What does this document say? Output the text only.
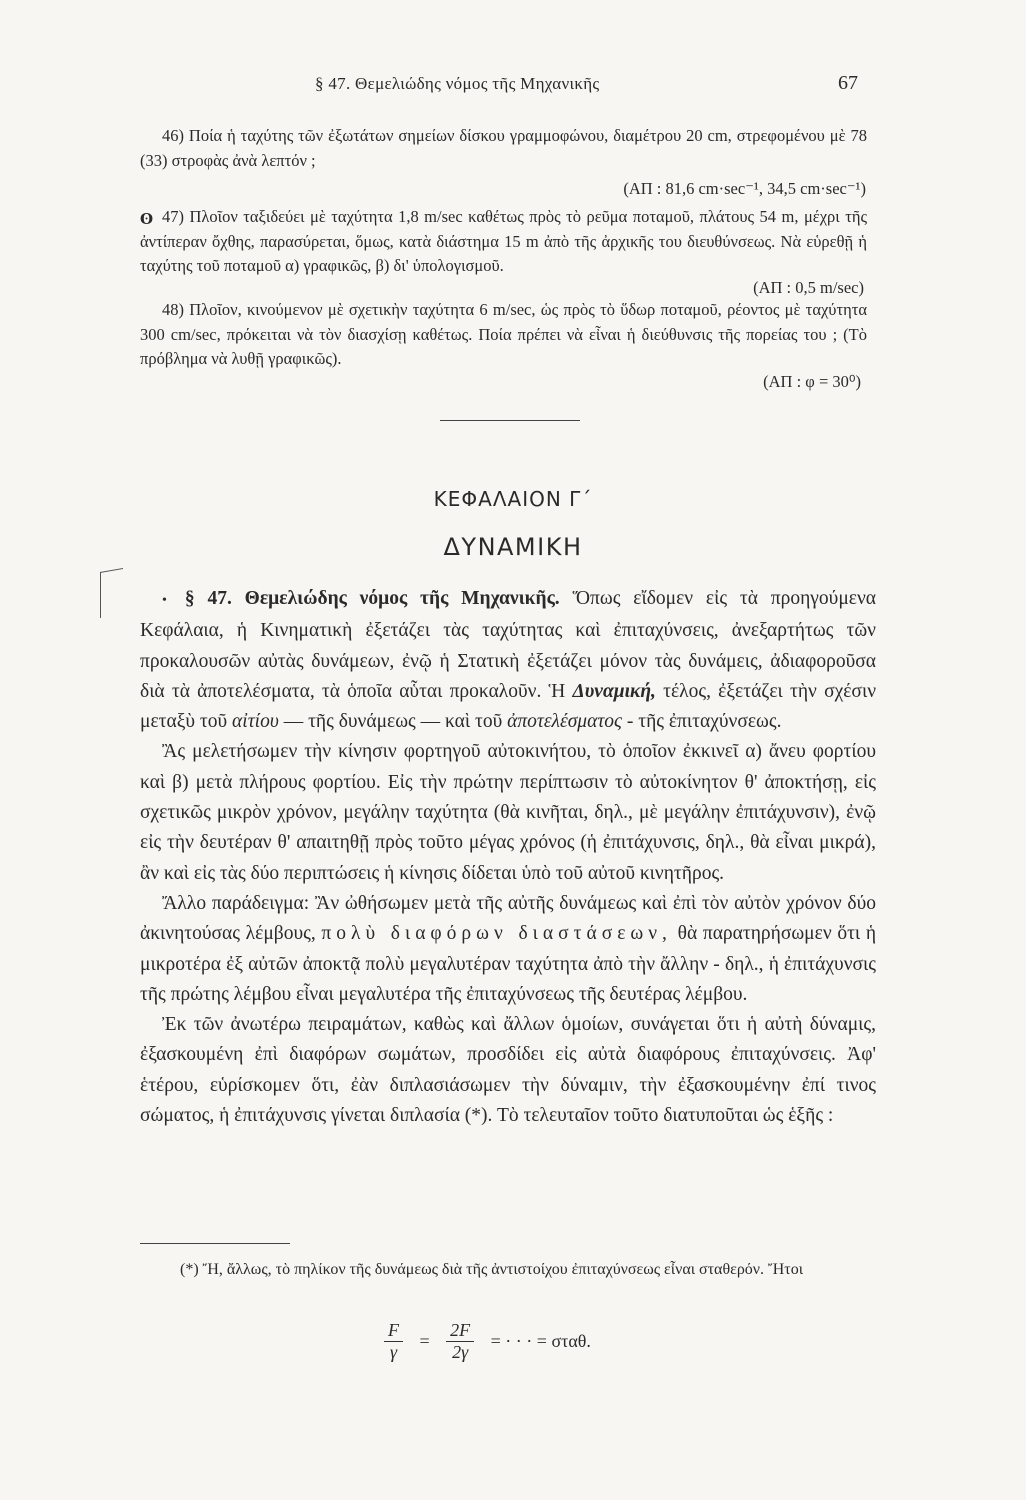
§ 47. Θεμελιώδης νόμος τῆς Μηχανικῆς	67
46) Ποία ἡ ταχύτης τῶν ἐξωτάτων σημείων δίσκου γραμμοφώνου, διαμέτρου 20 cm, στρεφομένου μὲ 78 (33) στροφὰς ἀνὰ λεπτόν ;
(ΑΠ : 81,6 cm·sec⁻¹, 34,5 cm·sec⁻¹)
ʘ 47) Πλοῖον ταξιδεύει μὲ ταχύτητα 1,8 m/sec καθέτως πρὸς τὸ ρεῦμα ποταμοῦ, πλάτους 54 m, μέχρι τῆς ἀντίπεραν ὄχθης, παρασύρεται, ὅμως, κατὰ διάστημα 15 m ἀπὸ τῆς ἀρχικῆς του διευθύνσεως. Νὰ εὑρεθῇ ἡ ταχύτης τοῦ ποταμοῦ α) γραφικῶς, β) δι' ὑπολογισμοῦ.
(ΑΠ : 0,5 m/sec)
48) Πλοῖον, κινούμενον μὲ σχετικὴν ταχύτητα 6 m/sec, ὡς πρὸς τὸ ὕδωρ ποταμοῦ, ρέοντος μὲ ταχύτητα 300 cm/sec, πρόκειται νὰ τὸν διασχίσῃ καθέτως. Ποία πρέπει νὰ εἶναι ἡ διεύθυνσις τῆς πορείας του ; (Τὸ πρόβλημα νὰ λυθῇ γραφικῶς).
(ΑΠ : φ = 30⁰)
ΚΕΦΑΛΑΙΟΝ Γ΄
ΔΥΝΑΜΙΚΗ

• § 47. Θεμελιώδης νόμος τῆς Μηχανικῆς. Ὅπως εἴδομεν εἰς τὰ προηγούμενα Κεφάλαια, ἡ Κινηματικὴ ἐξετάζει τὰς ταχύτητας καὶ ἐπιταχύνσεις, ἀνεξαρτήτως τῶν προκαλουσῶν αὐτὰς δυνάμεων, ἐνῷ ἡ Στατικὴ ἐξετάζει μόνον τὰς δυνάμεις, ἀδιαφοροῦσα διὰ τὰ ἀποτελέσματα, τὰ ὁποῖα αὗται προκαλοῦν. Ἡ Δυναμική, τέλος, ἐξετάζει τὴν σχέσιν μεταξὺ τοῦ αἰτίου — τῆς δυνάμεως — καὶ τοῦ ἀποτελέσματος - τῆς ἐπιταχύνσεως.

Ἂς μελετήσωμεν τὴν κίνησιν φορτηγοῦ αὐτοκινήτου, τὸ ὁποῖον ἐκκινεῖ α) ἄνευ φορτίου καὶ β) μετὰ πλήρους φορτίου. Εἰς τὴν πρώτην περίπτωσιν τὸ αὐτοκίνητον θ' ἀποκτήσῃ, εἰς σχετικῶς μικρὸν χρόνον, μεγάλην ταχύτητα (θὰ κινῆται, δηλ., μὲ μεγάλην ἐπιτάχυνσιν), ἐνῷ εἰς τὴν δευτέραν θ' απαιτηθῇ πρὸς τοῦτο μέγας χρόνος (ἡ ἐπιτάχυνσις, δηλ., θὰ εἶναι μικρά), ἂν καὶ εἰς τὰς δύο περιπτώσεις ἡ κίνησις δίδεται ὑπὸ τοῦ αὐτοῦ κινητῆρος.

Ἄλλο παράδειγμα: Ἂν ὠθήσωμεν μετὰ τῆς αὐτῆς δυνάμεως καὶ ἐπὶ τὸν αὐτὸν χρόνον δύο ἀκινητούσας λέμβους, πολὺ διαφόρων διαστάσεων, θὰ παρατηρήσωμεν ὅτι ἡ μικροτέρα ἐξ αὐτῶν ἀποκτᾷ πολὺ μεγαλυτέραν ταχύτητα ἀπὸ τὴν ἄλλην - δηλ., ἡ ἐπιτάχυνσις τῆς πρώτης λέμβου εἶναι μεγαλυτέρα τῆς ἐπιταχύνσεως τῆς δευτέρας λέμβου.

Ἐκ τῶν ἀνωτέρω πειραμάτων, καθὼς καὶ ἄλλων ὁμοίων, συνάγεται ὅτι ἡ αὐτὴ δύναμις, ἐξασκουμένη ἐπὶ διαφόρων σωμάτων, προσδίδει εἰς αὐτὰ διαφόρους ἐπιταχύνσεις. Ἀφ' ἑτέρου, εὑρίσκομεν ὅτι, ἐὰν διπλασιάσωμεν τὴν δύναμιν, τὴν ἐξασκουμένην ἐπί τινος σώματος, ἡ ἐπιτάχυνσις γίνεται διπλασία (*). Τὸ τελευταῖον τοῦτο διατυποῦται ὡς ἑξῆς :

(*) Ἤ, ἄλλως, τὸ πηλίκον τῆς δυνάμεως διὰ τῆς ἀντιστοίχου ἐπιταχύνσεως εἶναι σταθερόν. Ἤτοι
$\frac{F}{\gamma} = \frac{2F}{2\gamma}$ = · · · = σταθ.
